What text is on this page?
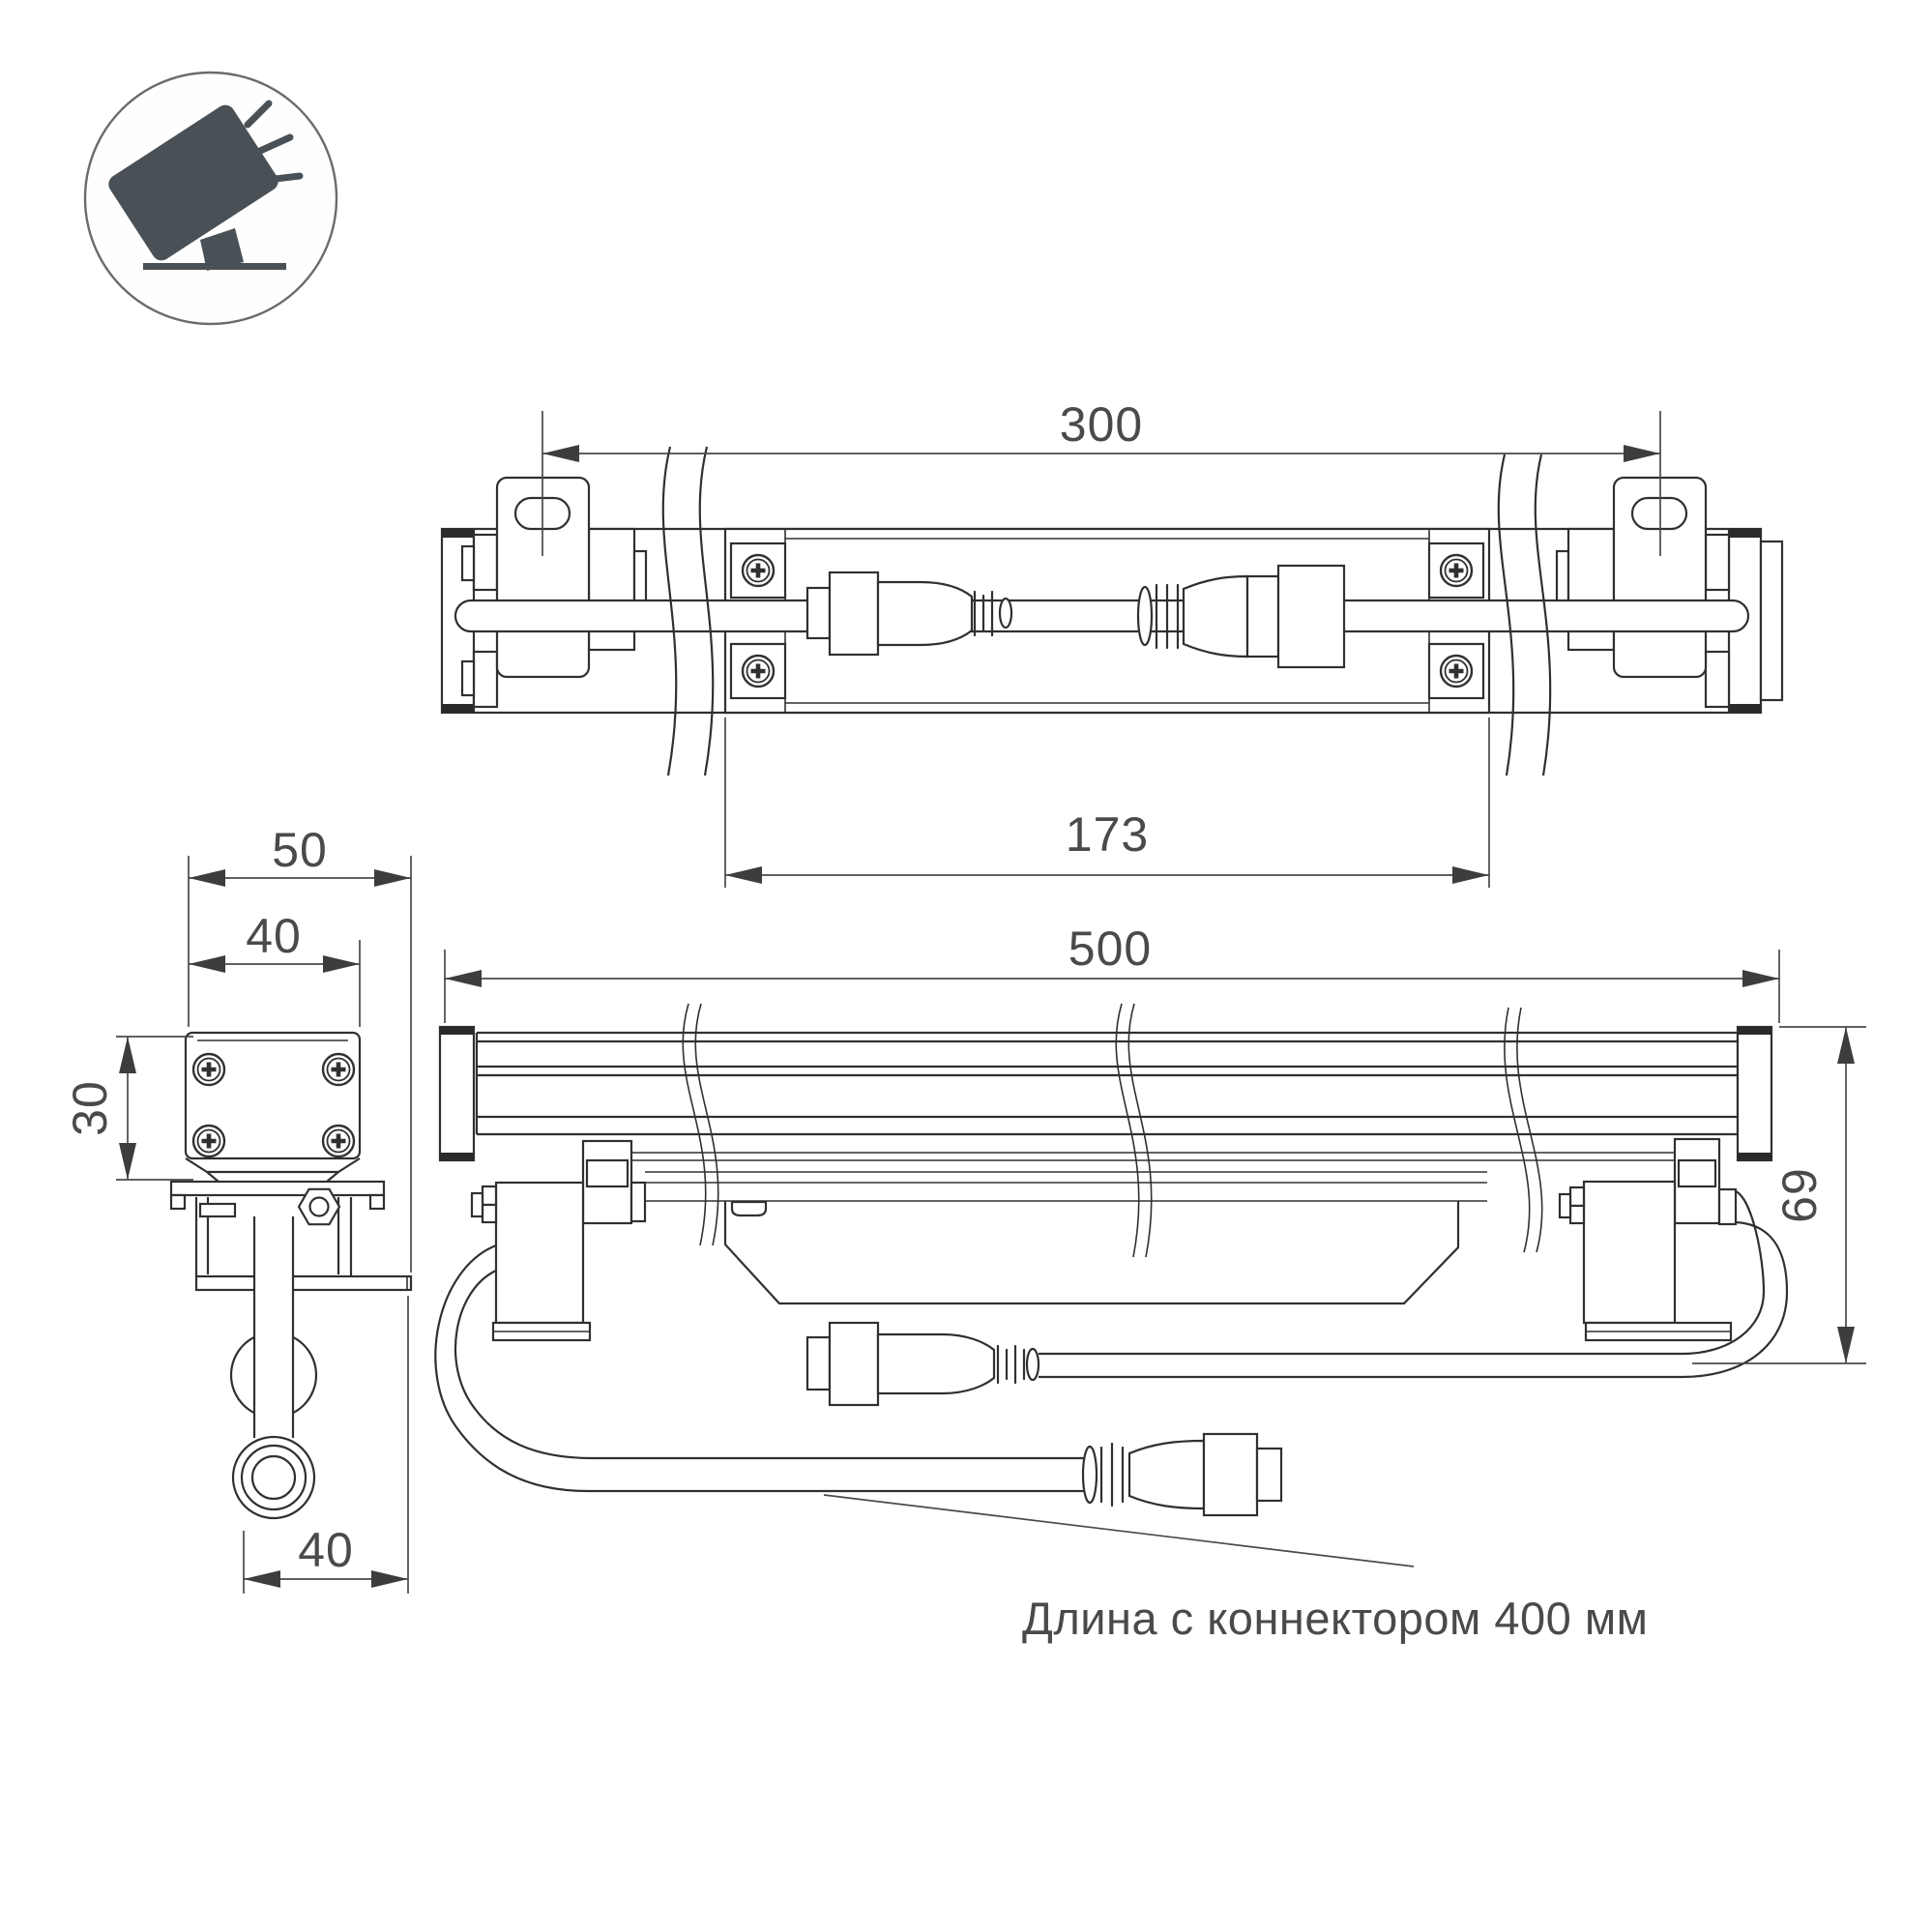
300
173
50
40
30
40
500
69
Длина с коннектором 400 мм
